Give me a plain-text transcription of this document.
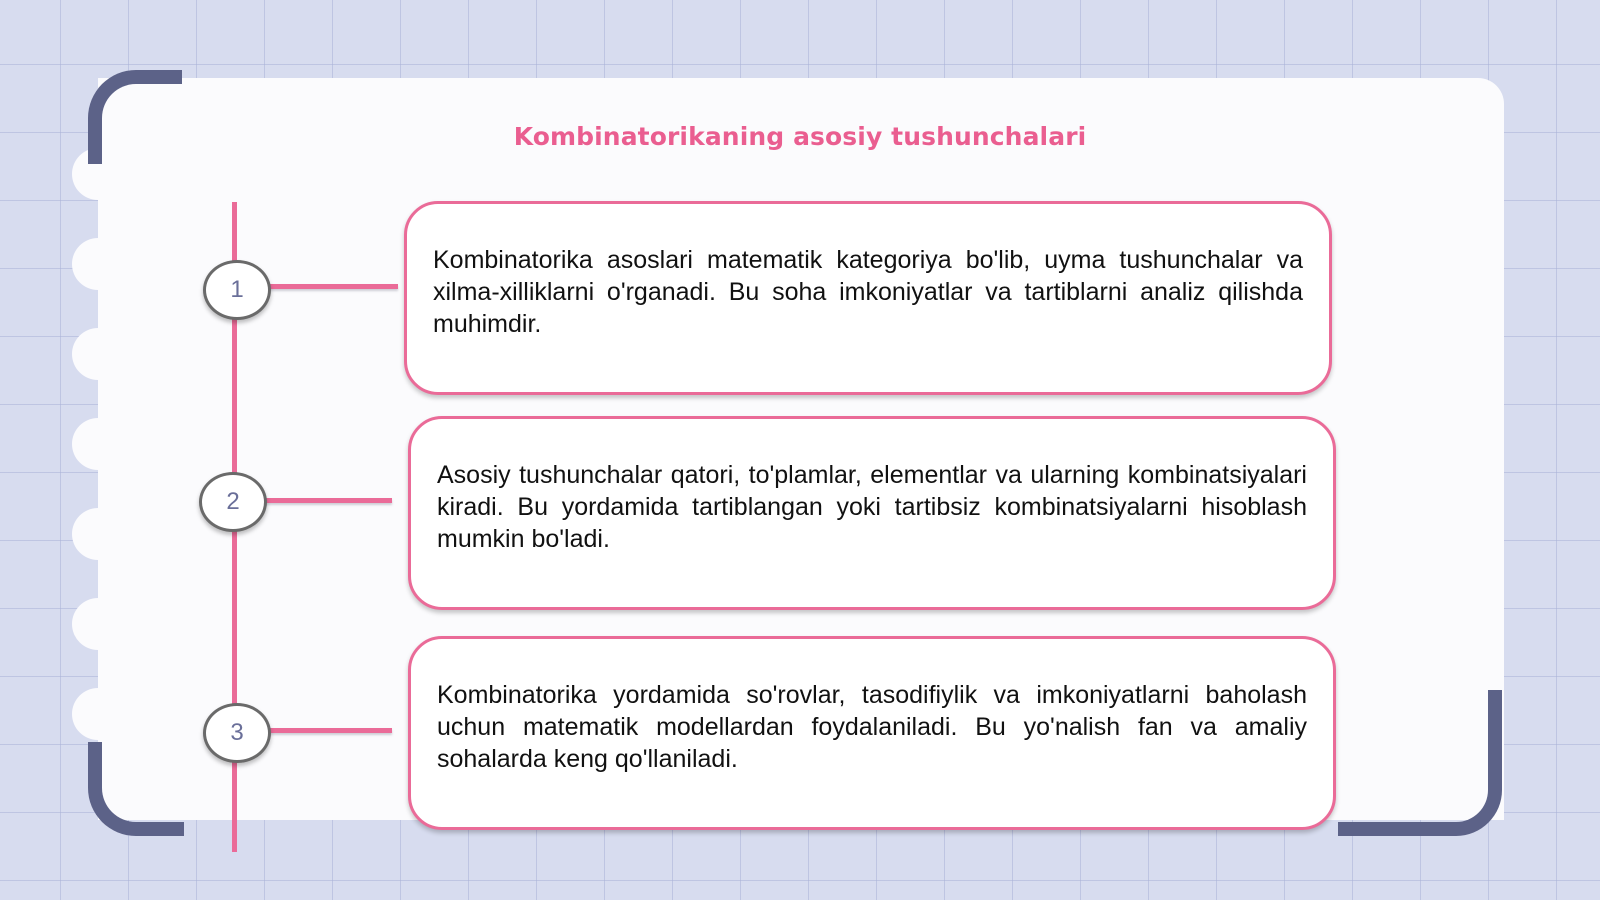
Kombinatorikaning asosiy tushunchalari
1
2
3

Kombinatorika asoslari matematik kategoriya bo'lib, uyma tushunchalar va xilma-xilliklarni o'rganadi. Bu soha imkoniyatlar va tartiblarni analiz qilishda muhimdir.

Asosiy tushunchalar qatori, to'plamlar, elementlar va ularning kombinatsiyalari kiradi. Bu yordamida tartiblangan yoki tartibsiz kombinatsiyalarni hisoblash mumkin bo'ladi.

Kombinatorika yordamida so'rovlar, tasodifiylik va imkoniyatlarni baholash uchun matematik modellardan foydalaniladi. Bu yo'nalish fan va amaliy sohalarda keng qo'llaniladi.
